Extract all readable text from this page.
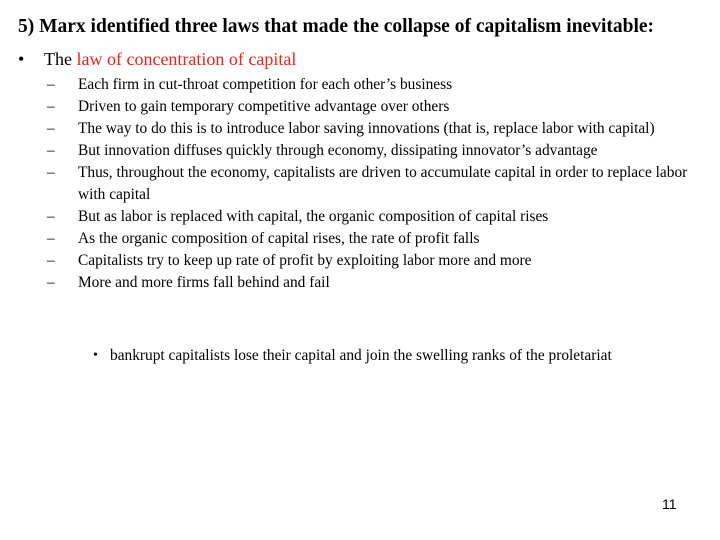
5) Marx identified three laws that made the collapse of capitalism inevitable:
• The law of concentration of capital
–	Each firm in cut-throat competition for each other’s business
–	Driven to gain temporary competitive advantage over others
–	The way to do this is to introduce labor saving innovations (that is, replace labor with capital)
–	But innovation diffuses quickly through economy, dissipating innovator’s advantage
–	Thus, throughout the economy, capitalists are driven to accumulate capital in order to replace labor with capital
–	But as labor is replaced with capital, the organic composition of capital rises
–	As the organic composition of capital rises, the rate of profit falls
–	Capitalists try to keep up rate of profit by exploiting labor more and more
–	More and more firms fall behind and fail
• bankrupt capitalists lose their capital and join the swelling ranks of the proletariat
11
